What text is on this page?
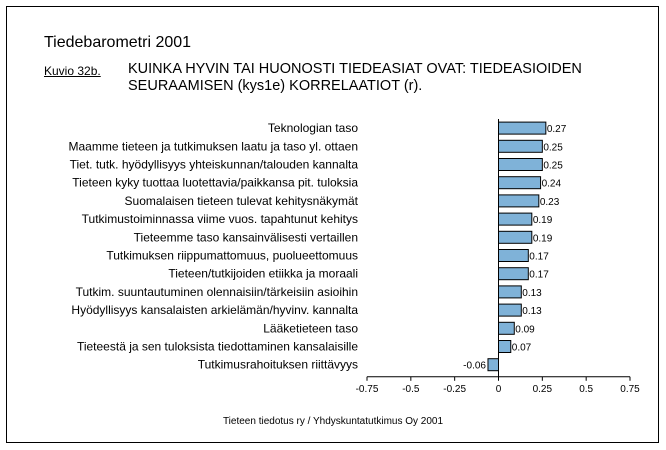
Tiedebarometri 2001
Kuvio 32b. KUINKA HYVIN TAI HUONOSTI TIEDEASIAT OVAT: TIEDEASIOIDEN SEURAAMISEN (kys1e) KORRELAATIOT (r).
Teknologian taso	0.27
Maamme tieteen ja tutkimuksen laatu ja taso yl. ottaen	0.25
Tiet. tutk. hyödyllisyys yhteiskunnan/talouden kannalta	0.25
Tieteen kyky tuottaa luotettavia/paikkansa pit. tuloksia	0.24
Suomalaisen tieteen tulevat kehitysnäkymät	0.23
Tutkimustoiminnassa viime vuos. tapahtunut kehitys	0.19
Tieteemme taso kansainvälisesti vertaillen	0.19
Tutkimuksen riippumattomuus, puolueettomuus	0.17
Tieteen/tutkijoiden etiikka ja moraali	0.17
Tutkim. suuntautuminen olennaisiin/tärkeisiin asioihin	0.13
Hyödyllisyys kansalaisten arkielämän/hyvinv. kannalta	0.13
Lääketieteen taso	0.09
Tieteestä ja sen tuloksista tiedottaminen kansalaisille	0.07
Tutkimusrahoituksen riittävyys	-0.06
-0.75 -0.5 -0.25	0	0.25	0.5	0.75
Tieteen tiedotus ry / Yhdyskuntatutkimus Oy 2001
